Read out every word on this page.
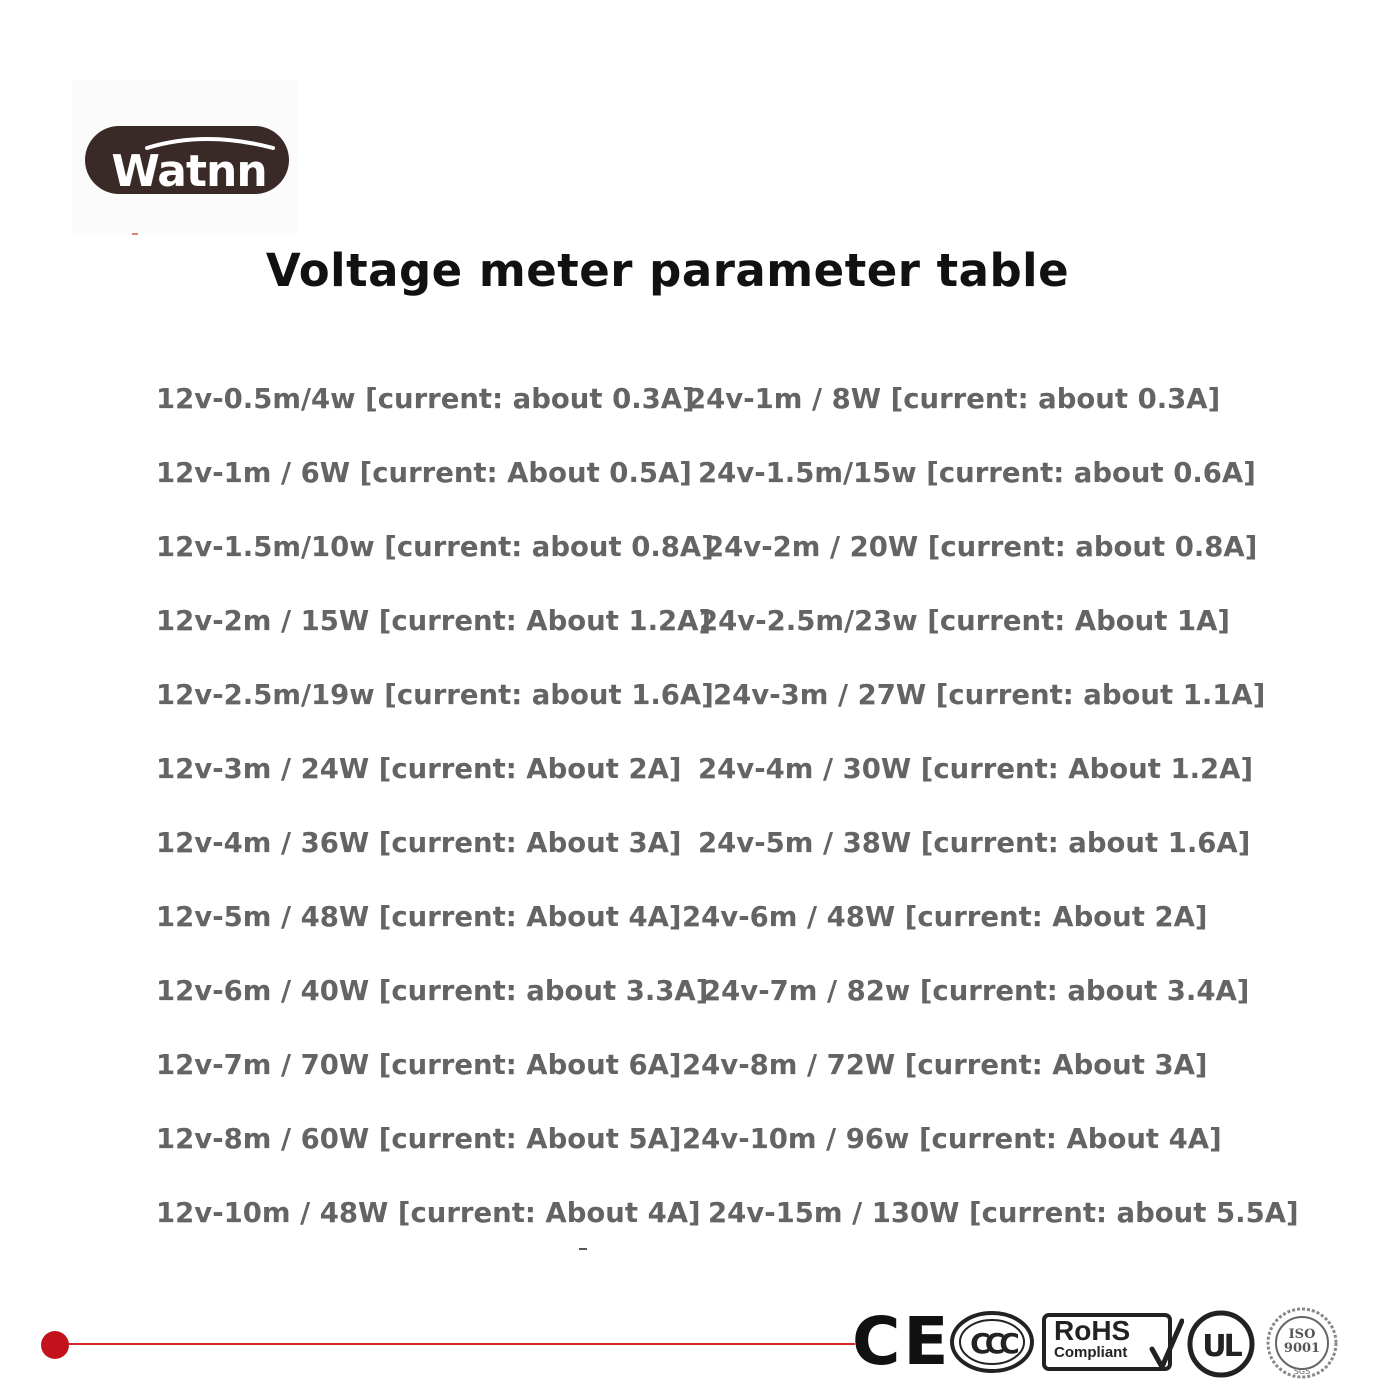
Watnn
Voltage meter parameter table
12v-0.5m/4w [current: about 0.3A]
24v-1m / 8W [current: about 0.3A]
12v-1m / 6W [current: About 0.5A] 24v-1.5m/15w [current: about 0.6A]
12v-1.5m/10w [current: about 0.8A]
24v-2m / 20W [current: about 0.8A]
12v-2m / 15W [current: About 1.2A]
24v-2.5m/23w [current: About 1A]
12v-2.5m/19w [current: about 1.6A] 24v-3m / 27W [current: about 1.1A]
12v-3m / 24W [current: About 2A] 24v-4m / 30W [current: About 1.2A]
12v-4m / 36W [current: About 3A] 24v-5m / 38W [current: about 1.6A]
12v-5m / 48W [current: About 4A] 24v-6m / 48W [current: About 2A]
12v-6m / 40W [current: about 3.3A]
24v-7m / 82w [current: about 3.4A]
12v-7m / 70W [current: About 6A] 24v-8m / 72W [current: About 3A]
12v-8m / 60W [current: About 5A] 24v-10m / 96w [current: About 4A]
12v-10m / 48W [current: About 4A] 24v-15m / 130W [current: about 5.5A]
CE CCC RoHS
Compliant	UL	ISO
9001
SGS
